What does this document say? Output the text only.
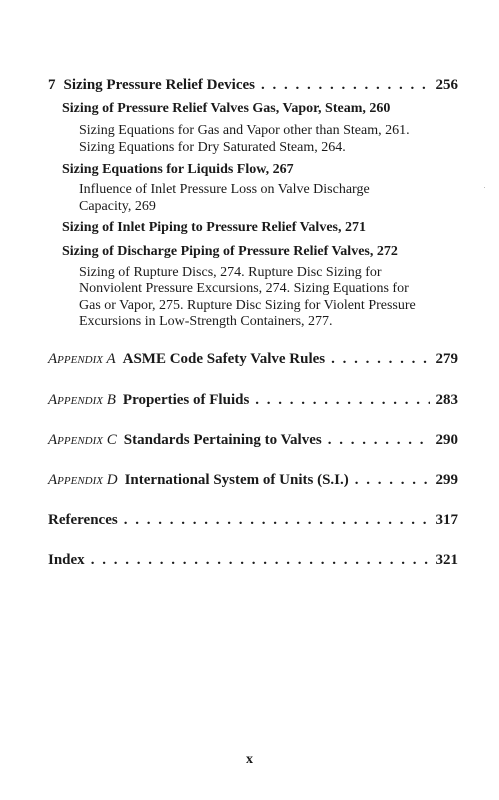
7 Sizing Pressure Relief Devices . . .	256
Sizing of Pressure Relief Valves Gas, Vapor, Steam, 260
Sizing Equations for Gas and Vapor other than Steam, 261.
Sizing Equations for Dry Saturated Steam, 264.
Sizing Equations for Liquids Flow, 267
Influence of Inlet Pressure Loss on Valve Discharge
Capacity, 269
Sizing of Inlet Piping to Pressure Relief Valves, 271
Sizing of Discharge Piping of Pressure Relief Valves, 272
Sizing of Rupture Discs, 274. Rupture Disc Sizing for
Nonviolent Pressure Excursions, 274. Sizing Equations for
Gas or Vapor, 275. Rupture Disc Sizing for Violent Pressure
Excursions in Low-Strength Containers, 277.
Appendix A ASME Code Safety Valve Rules . . .	279
Appendix B Properties of Fluids . . .	283
Appendix C Standards Pertaining to Valves . . .	290
Appendix D International System of Units (S.I.) . . .	299
References . . .	317
Index . . .	321
x
